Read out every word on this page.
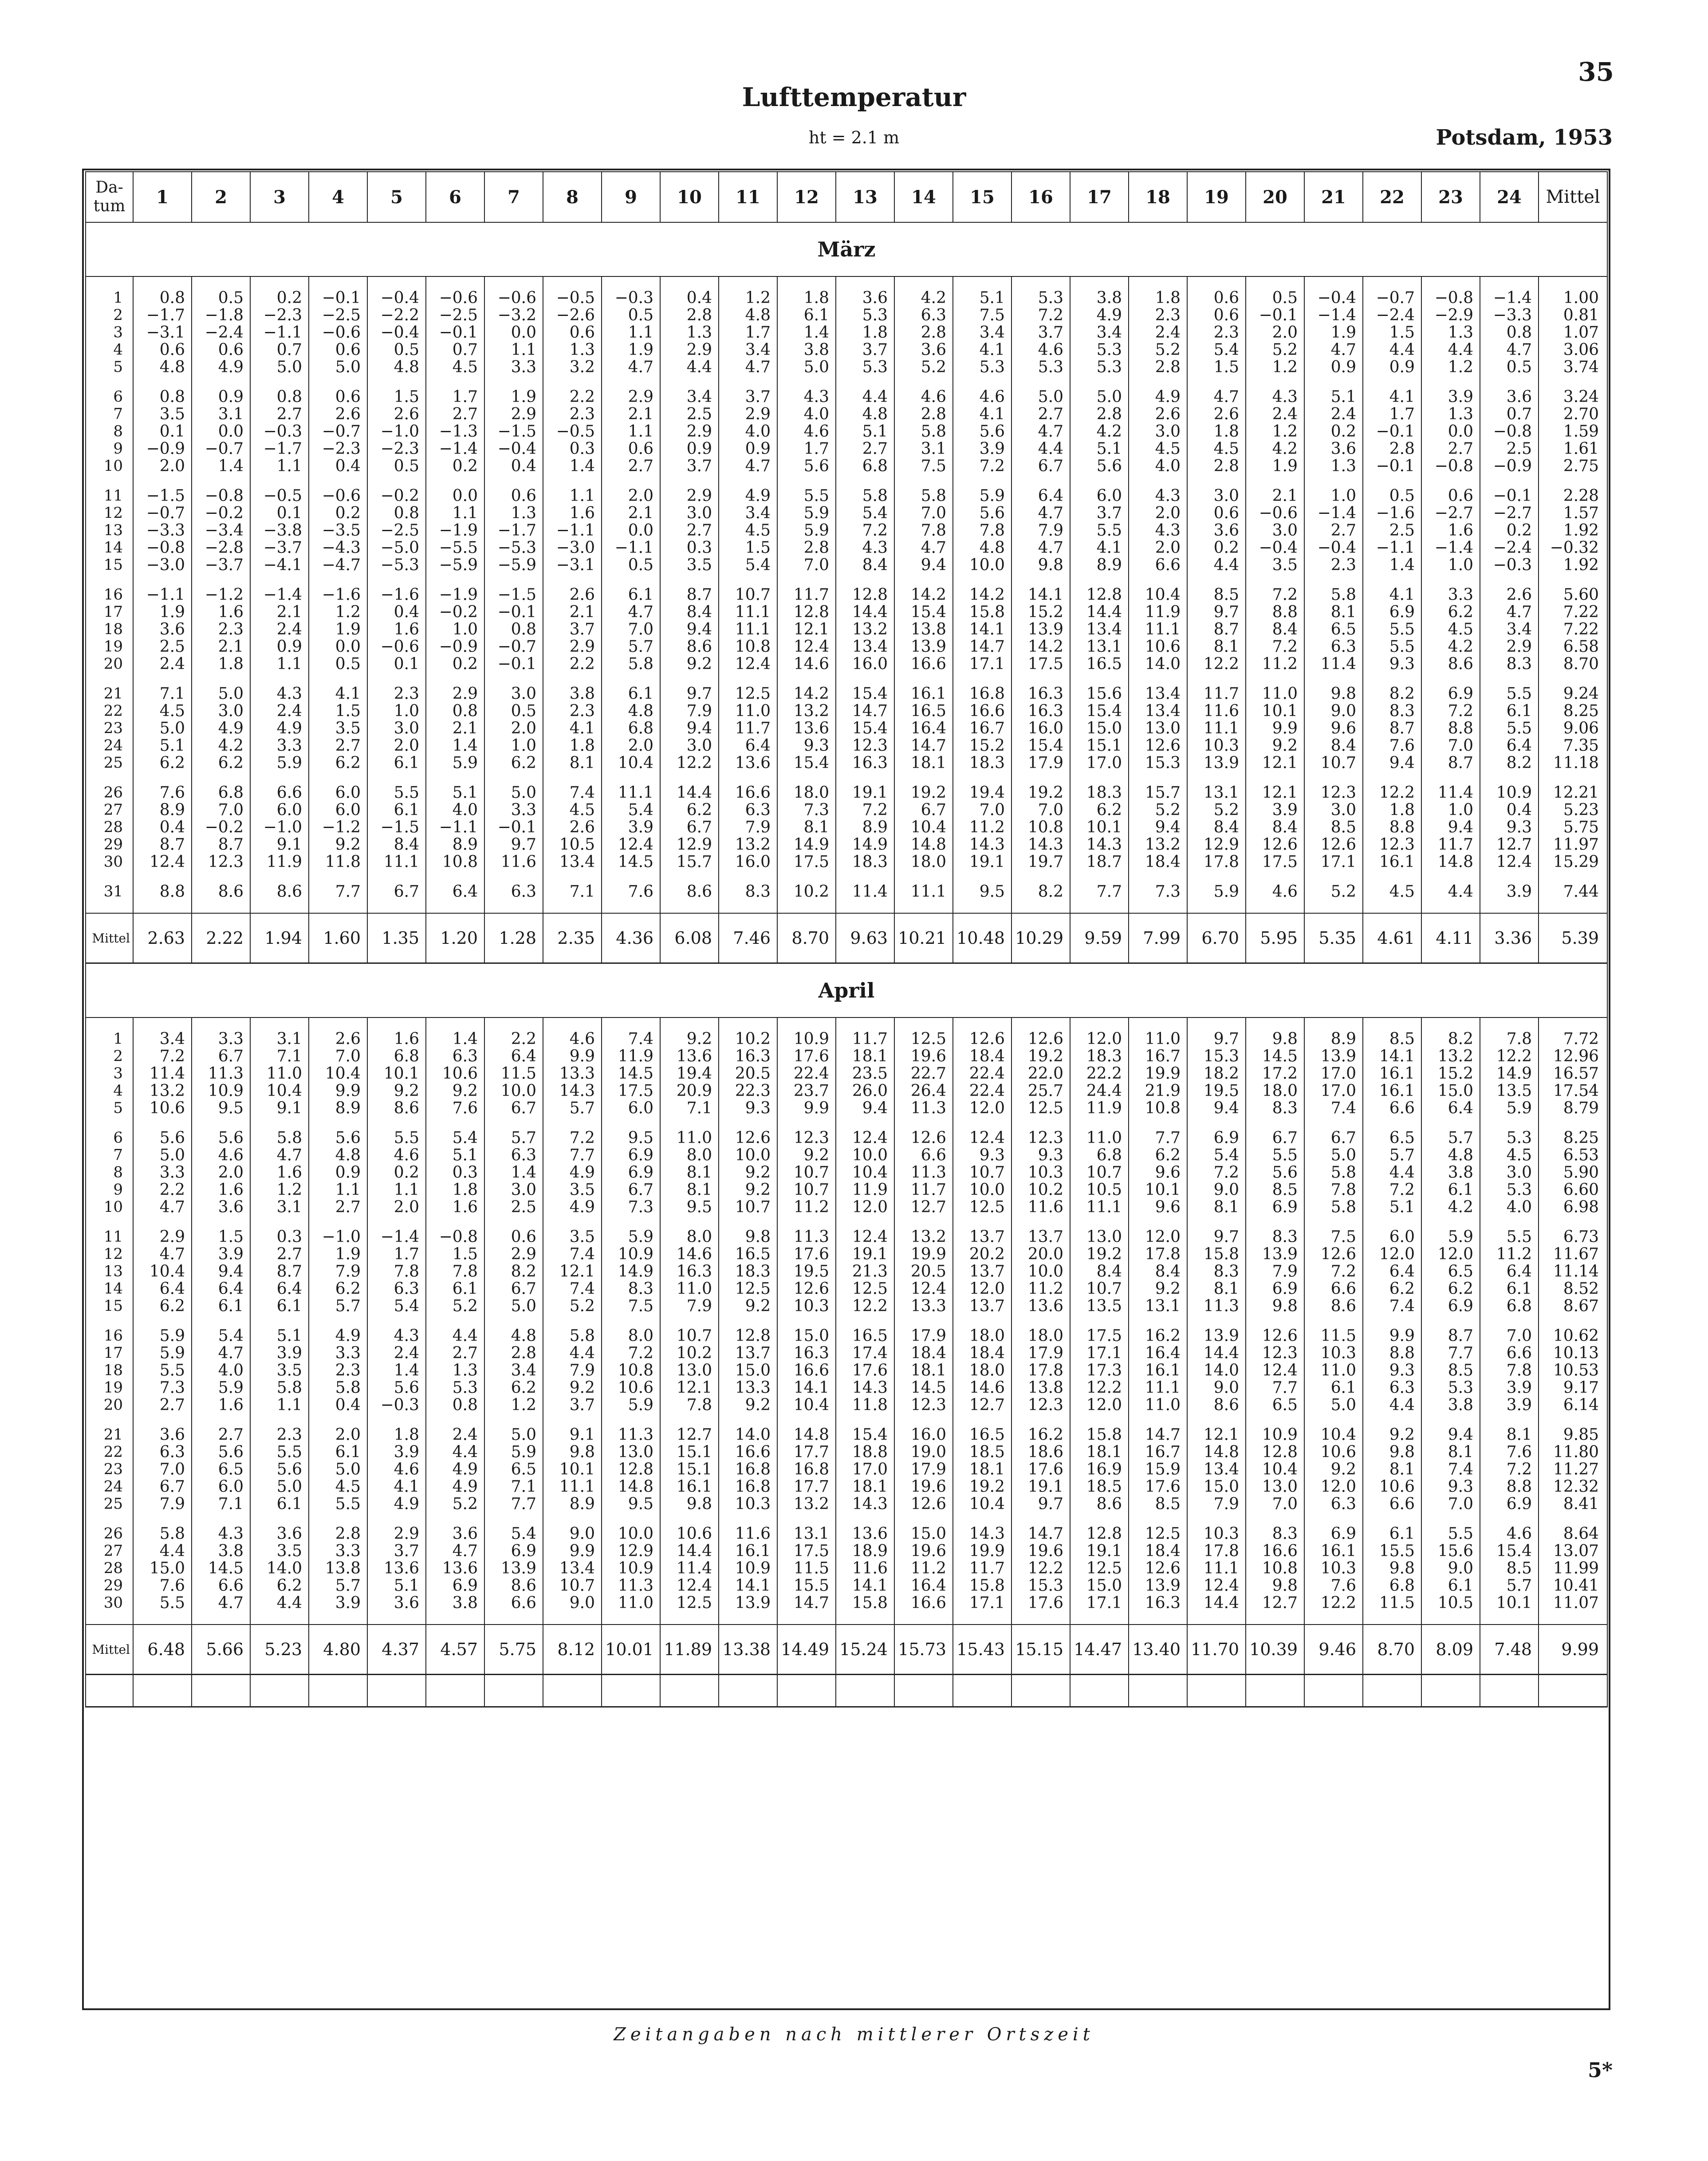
35
Lufttemperatur
ht = 2.1 m	Potsdam, 1953
Da-tum	1	2	3	4	5	6	7	8	9	10	11	12	13	14	15	16	17	18	19	20	21	22	23	24	Mittel
März																									

1	0.8	0.5	0.2	−0.1	−0.4	−0.6	−0.6	−0.5	−0.3	0.4	1.2	1.8	3.6	4.2	5.1	5.3	3.8	1.8	0.6	0.5	−0.4	−0.7	−0.8	−1.4	1.00
2	−1.7	−1.8	−2.3	−2.5	−2.2	−2.5	−3.2	−2.6	0.5	2.8	4.8	6.1	5.3	6.3	7.5	7.2	4.9	2.3	0.6	−0.1	−1.4	−2.4	−2.9	−3.3	0.81
3	−3.1	−2.4	−1.1	−0.6	−0.4	−0.1	0.0	0.6	1.1	1.3	1.7	1.4	1.8	2.8	3.4	3.7	3.4	2.4	2.3	2.0	1.9	1.5	1.3	0.8	1.07
4	0.6	0.6	0.7	0.6	0.5	0.7	1.1	1.3	1.9	2.9	3.4	3.8	3.7	3.6	4.1	4.6	5.3	5.2	5.4	5.2	4.7	4.4	4.4	4.7	3.06
5	4.8	4.9	5.0	5.0	4.8	4.5	3.3	3.2	4.7	4.4	4.7	5.0	5.3	5.2	5.3	5.3	5.3	2.8	1.5	1.2	0.9	0.9	1.2	0.5	3.74

6	0.8	0.9	0.8	0.6	1.5	1.7	1.9	2.2	2.9	3.4	3.7	4.3	4.4	4.6	4.6	5.0	5.0	4.9	4.7	4.3	5.1	4.1	3.9	3.6	3.24
7	3.5	3.1	2.7	2.6	2.6	2.7	2.9	2.3	2.1	2.5	2.9	4.0	4.8	2.8	4.1	2.7	2.8	2.6	2.6	2.4	2.4	1.7	1.3	0.7	2.70
8	0.1	0.0	−0.3	−0.7	−1.0	−1.3	−1.5	−0.5	1.1	2.9	4.0	4.6	5.1	5.8	5.6	4.7	4.2	3.0	1.8	1.2	0.2	−0.1	0.0	−0.8	1.59
9	−0.9	−0.7	−1.7	−2.3	−2.3	−1.4	−0.4	0.3	0.6	0.9	0.9	1.7	2.7	3.1	3.9	4.4	5.1	4.5	4.5	4.2	3.6	2.8	2.7	2.5	1.61
10	2.0	1.4	1.1	0.4	0.5	0.2	0.4	1.4	2.7	3.7	4.7	5.6	6.8	7.5	7.2	6.7	5.6	4.0	2.8	1.9	1.3	−0.1	−0.8	−0.9	2.75

11	−1.5	−0.8	−0.5	−0.6	−0.2	0.0	0.6	1.1	2.0	2.9	4.9	5.5	5.8	5.8	5.9	6.4	6.0	4.3	3.0	2.1	1.0	0.5	0.6	−0.1	2.28
12	−0.7	−0.2	0.1	0.2	0.8	1.1	1.3	1.6	2.1	3.0	3.4	5.9	5.4	7.0	5.6	4.7	3.7	2.0	0.6	−0.6	−1.4	−1.6	−2.7	−2.7	1.57
13	−3.3	−3.4	−3.8	−3.5	−2.5	−1.9	−1.7	−1.1	0.0	2.7	4.5	5.9	7.2	7.8	7.8	7.9	5.5	4.3	3.6	3.0	2.7	2.5	1.6	0.2	1.92
14	−0.8	−2.8	−3.7	−4.3	−5.0	−5.5	−5.3	−3.0	−1.1	0.3	1.5	2.8	4.3	4.7	4.8	4.7	4.1	2.0	0.2	−0.4	−0.4	−1.1	−1.4	−2.4	−0.32
15	−3.0	−3.7	−4.1	−4.7	−5.3	−5.9	−5.9	−3.1	0.5	3.5	5.4	7.0	8.4	9.4	10.0	9.8	8.9	6.6	4.4	3.5	2.3	1.4	1.0	−0.3	1.92

16	−1.1	−1.2	−1.4	−1.6	−1.6	−1.9	−1.5	2.6	6.1	8.7	10.7	11.7	12.8	14.2	14.2	14.1	12.8	10.4	8.5	7.2	5.8	4.1	3.3	2.6	5.60
17	1.9	1.6	2.1	1.2	0.4	−0.2	−0.1	2.1	4.7	8.4	11.1	12.8	14.4	15.4	15.8	15.2	14.4	11.9	9.7	8.8	8.1	6.9	6.2	4.7	7.22
18	3.6	2.3	2.4	1.9	1.6	1.0	0.8	3.7	7.0	9.4	11.1	12.1	13.2	13.8	14.1	13.9	13.4	11.1	8.7	8.4	6.5	5.5	4.5	3.4	7.22
19	2.5	2.1	0.9	0.0	−0.6	−0.9	−0.7	2.9	5.7	8.6	10.8	12.4	13.4	13.9	14.7	14.2	13.1	10.6	8.1	7.2	6.3	5.5	4.2	2.9	6.58
20	2.4	1.8	1.1	0.5	0.1	0.2	−0.1	2.2	5.8	9.2	12.4	14.6	16.0	16.6	17.1	17.5	16.5	14.0	12.2	11.2	11.4	9.3	8.6	8.3	8.70

21	7.1	5.0	4.3	4.1	2.3	2.9	3.0	3.8	6.1	9.7	12.5	14.2	15.4	16.1	16.8	16.3	15.6	13.4	11.7	11.0	9.8	8.2	6.9	5.5	9.24
22	4.5	3.0	2.4	1.5	1.0	0.8	0.5	2.3	4.8	7.9	11.0	13.2	14.7	16.5	16.6	16.3	15.4	13.4	11.6	10.1	9.0	8.3	7.2	6.1	8.25
23	5.0	4.9	4.9	3.5	3.0	2.1	2.0	4.1	6.8	9.4	11.7	13.6	15.4	16.4	16.7	16.0	15.0	13.0	11.1	9.9	9.6	8.7	8.8	5.5	9.06
24	5.1	4.2	3.3	2.7	2.0	1.4	1.0	1.8	2.0	3.0	6.4	9.3	12.3	14.7	15.2	15.4	15.1	12.6	10.3	9.2	8.4	7.6	7.0	6.4	7.35
25	6.2	6.2	5.9	6.2	6.1	5.9	6.2	8.1	10.4	12.2	13.6	15.4	16.3	18.1	18.3	17.9	17.0	15.3	13.9	12.1	10.7	9.4	8.7	8.2	11.18

26	7.6	6.8	6.6	6.0	5.5	5.1	5.0	7.4	11.1	14.4	16.6	18.0	19.1	19.2	19.4	19.2	18.3	15.7	13.1	12.1	12.3	12.2	11.4	10.9	12.21
27	8.9	7.0	6.0	6.0	6.1	4.0	3.3	4.5	5.4	6.2	6.3	7.3	7.2	6.7	7.0	7.0	6.2	5.2	5.2	3.9	3.0	1.8	1.0	0.4	5.23
28	0.4	−0.2	−1.0	−1.2	−1.5	−1.1	−0.1	2.6	3.9	6.7	7.9	8.1	8.9	10.4	11.2	10.8	10.1	9.4	8.4	8.4	8.5	8.8	9.4	9.3	5.75
29	8.7	8.7	9.1	9.2	8.4	8.9	9.7	10.5	12.4	12.9	13.2	14.9	14.9	14.8	14.3	14.3	14.3	13.2	12.9	12.6	12.6	12.3	11.7	12.7	11.97
30	12.4	12.3	11.9	11.8	11.1	10.8	11.6	13.4	14.5	15.7	16.0	17.5	18.3	18.0	19.1	19.7	18.7	18.4	17.8	17.5	17.1	16.1	14.8	12.4	15.29

31	8.8	8.6	8.6	7.7	6.7	6.4	6.3	7.1	7.6	8.6	8.3	10.2	11.4	11.1	9.5	8.2	7.7	7.3	5.9	4.6	5.2	4.5	4.4	3.9	7.44

Mittel	2.63	2.22	1.94	1.60	1.35	1.20	1.28	2.35	4.36	6.08	7.46	8.70	9.63	10.21	10.48	10.29	9.59	7.99	6.70	5.95	5.35	4.61	4.11	3.36	5.39
April																									

1	3.4	3.3	3.1	2.6	1.6	1.4	2.2	4.6	7.4	9.2	10.2	10.9	11.7	12.5	12.6	12.6	12.0	11.0	9.7	9.8	8.9	8.5	8.2	7.8	7.72
2	7.2	6.7	7.1	7.0	6.8	6.3	6.4	9.9	11.9	13.6	16.3	17.6	18.1	19.6	18.4	19.2	18.3	16.7	15.3	14.5	13.9	14.1	13.2	12.2	12.96
3	11.4	11.3	11.0	10.4	10.1	10.6	11.5	13.3	14.5	19.4	20.5	22.4	23.5	22.7	22.4	22.0	22.2	19.9	18.2	17.2	17.0	16.1	15.2	14.9	16.57
4	13.2	10.9	10.4	9.9	9.2	9.2	10.0	14.3	17.5	20.9	22.3	23.7	26.0	26.4	22.4	25.7	24.4	21.9	19.5	18.0	17.0	16.1	15.0	13.5	17.54
5	10.6	9.5	9.1	8.9	8.6	7.6	6.7	5.7	6.0	7.1	9.3	9.9	9.4	11.3	12.0	12.5	11.9	10.8	9.4	8.3	7.4	6.6	6.4	5.9	8.79

6	5.6	5.6	5.8	5.6	5.5	5.4	5.7	7.2	9.5	11.0	12.6	12.3	12.4	12.6	12.4	12.3	11.0	7.7	6.9	6.7	6.7	6.5	5.7	5.3	8.25
7	5.0	4.6	4.7	4.8	4.6	5.1	6.3	7.7	6.9	8.0	10.0	9.2	10.0	6.6	9.3	9.3	6.8	6.2	5.4	5.5	5.0	5.7	4.8	4.5	6.53
8	3.3	2.0	1.6	0.9	0.2	0.3	1.4	4.9	6.9	8.1	9.2	10.7	10.4	11.3	10.7	10.3	10.7	9.6	7.2	5.6	5.8	4.4	3.8	3.0	5.90
9	2.2	1.6	1.2	1.1	1.1	1.8	3.0	3.5	6.7	8.1	9.2	10.7	11.9	11.7	10.0	10.2	10.5	10.1	9.0	8.5	7.8	7.2	6.1	5.3	6.60
10	4.7	3.6	3.1	2.7	2.0	1.6	2.5	4.9	7.3	9.5	10.7	11.2	12.0	12.7	12.5	11.6	11.1	9.6	8.1	6.9	5.8	5.1	4.2	4.0	6.98

11	2.9	1.5	0.3	−1.0	−1.4	−0.8	0.6	3.5	5.9	8.0	9.8	11.3	12.4	13.2	13.7	13.7	13.0	12.0	9.7	8.3	7.5	6.0	5.9	5.5	6.73
12	4.7	3.9	2.7	1.9	1.7	1.5	2.9	7.4	10.9	14.6	16.5	17.6	19.1	19.9	20.2	20.0	19.2	17.8	15.8	13.9	12.6	12.0	12.0	11.2	11.67
13	10.4	9.4	8.7	7.9	7.8	7.8	8.2	12.1	14.9	16.3	18.3	19.5	21.3	20.5	13.7	10.0	8.4	8.4	8.3	7.9	7.2	6.4	6.5	6.4	11.14
14	6.4	6.4	6.4	6.2	6.3	6.1	6.7	7.4	8.3	11.0	12.5	12.6	12.5	12.4	12.0	11.2	10.7	9.2	8.1	6.9	6.6	6.2	6.2	6.1	8.52
15	6.2	6.1	6.1	5.7	5.4	5.2	5.0	5.2	7.5	7.9	9.2	10.3	12.2	13.3	13.7	13.6	13.5	13.1	11.3	9.8	8.6	7.4	6.9	6.8	8.67

16	5.9	5.4	5.1	4.9	4.3	4.4	4.8	5.8	8.0	10.7	12.8	15.0	16.5	17.9	18.0	18.0	17.5	16.2	13.9	12.6	11.5	9.9	8.7	7.0	10.62
17	5.9	4.7	3.9	3.3	2.4	2.7	2.8	4.4	7.2	10.2	13.7	16.3	17.4	18.4	18.4	17.9	17.1	16.4	14.4	12.3	10.3	8.8	7.7	6.6	10.13
18	5.5	4.0	3.5	2.3	1.4	1.3	3.4	7.9	10.8	13.0	15.0	16.6	17.6	18.1	18.0	17.8	17.3	16.1	14.0	12.4	11.0	9.3	8.5	7.8	10.53
19	7.3	5.9	5.8	5.8	5.6	5.3	6.2	9.2	10.6	12.1	13.3	14.1	14.3	14.5	14.6	13.8	12.2	11.1	9.0	7.7	6.1	6.3	5.3	3.9	9.17
20	2.7	1.6	1.1	0.4	−0.3	0.8	1.2	3.7	5.9	7.8	9.2	10.4	11.8	12.3	12.7	12.3	12.0	11.0	8.6	6.5	5.0	4.4	3.8	3.9	6.14

21	3.6	2.7	2.3	2.0	1.8	2.4	5.0	9.1	11.3	12.7	14.0	14.8	15.4	16.0	16.5	16.2	15.8	14.7	12.1	10.9	10.4	9.2	9.4	8.1	9.85
22	6.3	5.6	5.5	6.1	3.9	4.4	5.9	9.8	13.0	15.1	16.6	17.7	18.8	19.0	18.5	18.6	18.1	16.7	14.8	12.8	10.6	9.8	8.1	7.6	11.80
23	7.0	6.5	5.6	5.0	4.6	4.9	6.5	10.1	12.8	15.1	16.8	16.8	17.0	17.9	18.1	17.6	16.9	15.9	13.4	10.4	9.2	8.1	7.4	7.2	11.27
24	6.7	6.0	5.0	4.5	4.1	4.9	7.1	11.1	14.8	16.1	16.8	17.7	18.1	19.6	19.2	19.1	18.5	17.6	15.0	13.0	12.0	10.6	9.3	8.8	12.32
25	7.9	7.1	6.1	5.5	4.9	5.2	7.7	8.9	9.5	9.8	10.3	13.2	14.3	12.6	10.4	9.7	8.6	8.5	7.9	7.0	6.3	6.6	7.0	6.9	8.41

26	5.8	4.3	3.6	2.8	2.9	3.6	5.4	9.0	10.0	10.6	11.6	13.1	13.6	15.0	14.3	14.7	12.8	12.5	10.3	8.3	6.9	6.1	5.5	4.6	8.64
27	4.4	3.8	3.5	3.3	3.7	4.7	6.9	9.9	12.9	14.4	16.1	17.5	18.9	19.6	19.9	19.6	19.1	18.4	17.8	16.6	16.1	15.5	15.6	15.4	13.07
28	15.0	14.5	14.0	13.8	13.6	13.6	13.9	13.4	10.9	11.4	10.9	11.5	11.6	11.2	11.7	12.2	12.5	12.6	11.1	10.8	10.3	9.8	9.0	8.5	11.99
29	7.6	6.6	6.2	5.7	5.1	6.9	8.6	10.7	11.3	12.4	14.1	15.5	14.1	16.4	15.8	15.3	15.0	13.9	12.4	9.8	7.6	6.8	6.1	5.7	10.41
30	5.5	4.7	4.4	3.9	3.6	3.8	6.6	9.0	11.0	12.5	13.9	14.7	15.8	16.6	17.1	17.6	17.1	16.3	14.4	12.7	12.2	11.5	10.5	10.1	11.07

Mittel	6.48	5.66	5.23	4.80	4.37	4.57	5.75	8.12	10.01	11.89	13.38	14.49	15.24	15.73	15.43	15.15	14.47	13.40	11.70	10.39	9.46	8.70	8.09	7.48	9.99

Zeitangaben nach mittlerer Ortszeit
5*
